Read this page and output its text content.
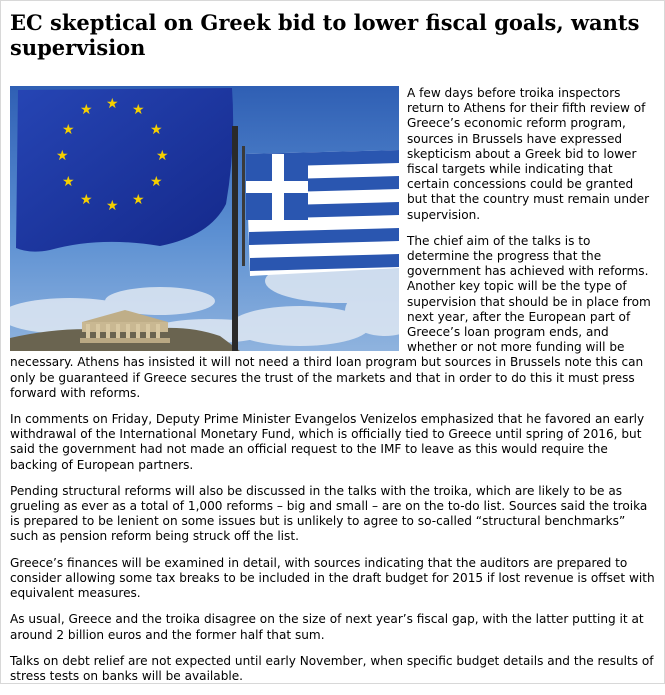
EC skeptical on Greek bid to lower fiscal goals, wants supervision
★ ★ ★
★
★
★
★
★
★
★
★
★

A few days before troika inspectors return to Athens for their fifth review of Greece’s economic reform program, sources in Brussels have expressed skepticism about a Greek bid to lower fiscal targets while indicating that certain concessions could be granted but that the country must remain under supervision.

The chief aim of the talks is to determine the progress that the government has achieved with reforms. Another key topic will be the type of supervision that should be in place from next year, after the European part of Greece’s loan program ends, and whether or not more funding will be necessary. Athens has insisted it will not need a third loan program but sources in Brussels note this can only be guaranteed if Greece secures the trust of the markets and that in order to do this it must press forward with reforms.

In comments on Friday, Deputy Prime Minister Evangelos Venizelos emphasized that he favored an early withdrawal of the International Monetary Fund, which is officially tied to Greece until spring of 2016, but said the government had not made an official request to the IMF to leave as this would require the backing of European partners.

Pending structural reforms will also be discussed in the talks with the troika, which are likely to be as grueling as ever as a total of 1,000 reforms – big and small – are on the to-do list. Sources said the troika is prepared to be lenient on some issues but is unlikely to agree to so-called “structural benchmarks” such as pension reform being struck off the list.

Greece’s finances will be examined in detail, with sources indicating that the auditors are prepared to consider allowing some tax breaks to be included in the draft budget for 2015 if lost revenue is offset with equivalent measures.

As usual, Greece and the troika disagree on the size of next year’s fiscal gap, with the latter putting it at around 2 billion euros and the former half that sum.

Talks on debt relief are not expected until early November, when specific budget details and the results of stress tests on banks will be available.
